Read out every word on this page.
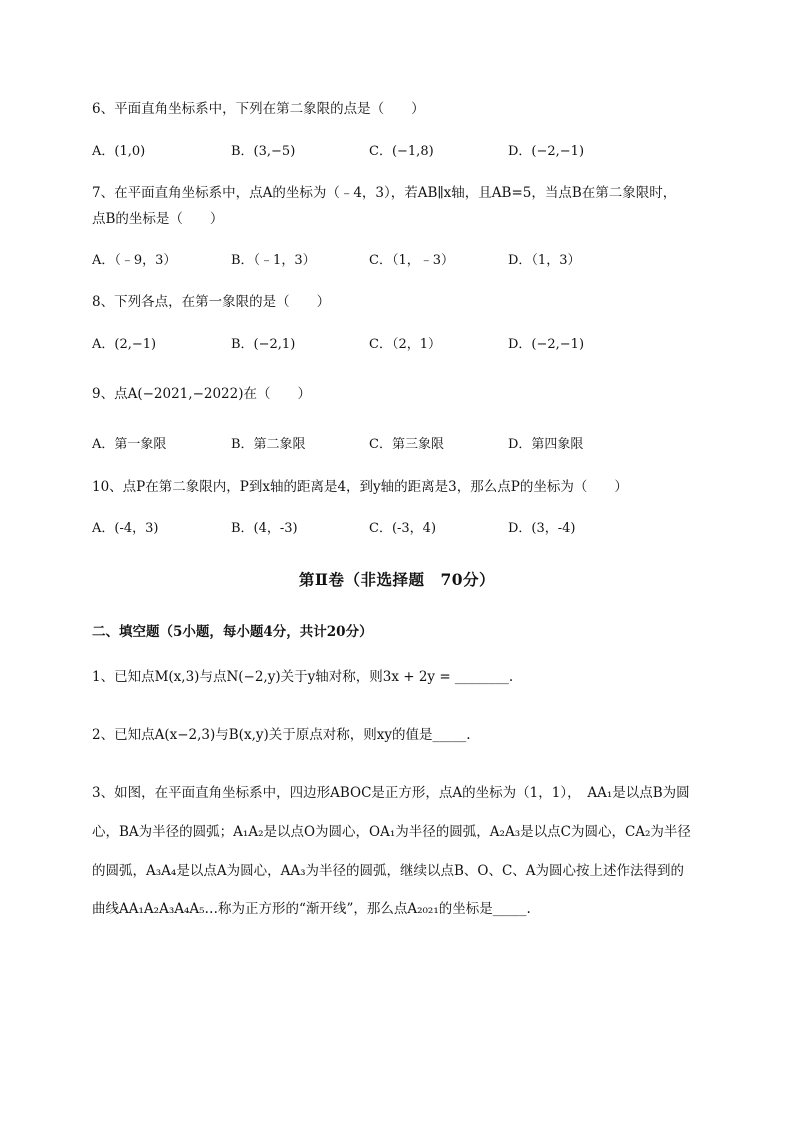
6、平面直角坐标系中，下列在第二象限的点是（　　）
A．(1,0)	B．(3,−5)	C．(−1,8)	D．(−2,−1)
7、在平面直角坐标系中，点A的坐标为（﹣4，3），若AB∥x轴，且AB=5，当点B在第二象限时，
点B的坐标是（　　）
A．（﹣9，3）	B．（﹣1，3）	C．（1，﹣3）	D．（1，3）
8、下列各点，在第一象限的是（　　）
A．(2,−1)	B．(−2,1)	C．（2，1）	D．(−2,−1)
9、点A(−2021,−2022)在（　　）
A．第一象限	B．第二象限	C．第三象限	D．第四象限
10、点P在第二象限内，P到x轴的距离是4，到y轴的距离是3，那么点P的坐标为（　　）
A．(-4，3)	B．(4，-3)	C．(-3，4)	D．(3，-4)
第Ⅱ卷（非选择题　70分）
二、填空题（5小题，每小题4分，共计20分）
1、已知点M(x,3)与点N(−2,y)关于y轴对称，则3x + 2y = ________.
2、已知点A(x−2,3)与B(x,y)关于原点对称，则xy的值是_____.
3、如图，在平面直角坐标系中，四边形ABOC是正方形，点A的坐标为（1，1），　AA₁是以点B为圆
心，BA为半径的圆弧；A₁A₂是以点O为圆心，OA₁为半径的圆弧，A₂A₃是以点C为圆心，CA₂为半径
的圆弧，A₃A₄是以点A为圆心，AA₃为半径的圆弧，继续以点B、O、C、A为圆心按上述作法得到的
曲线AA₁A₂A₃A₄A₅…称为正方形的“渐开线”，那么点A₂₀₂₁的坐标是_____.
